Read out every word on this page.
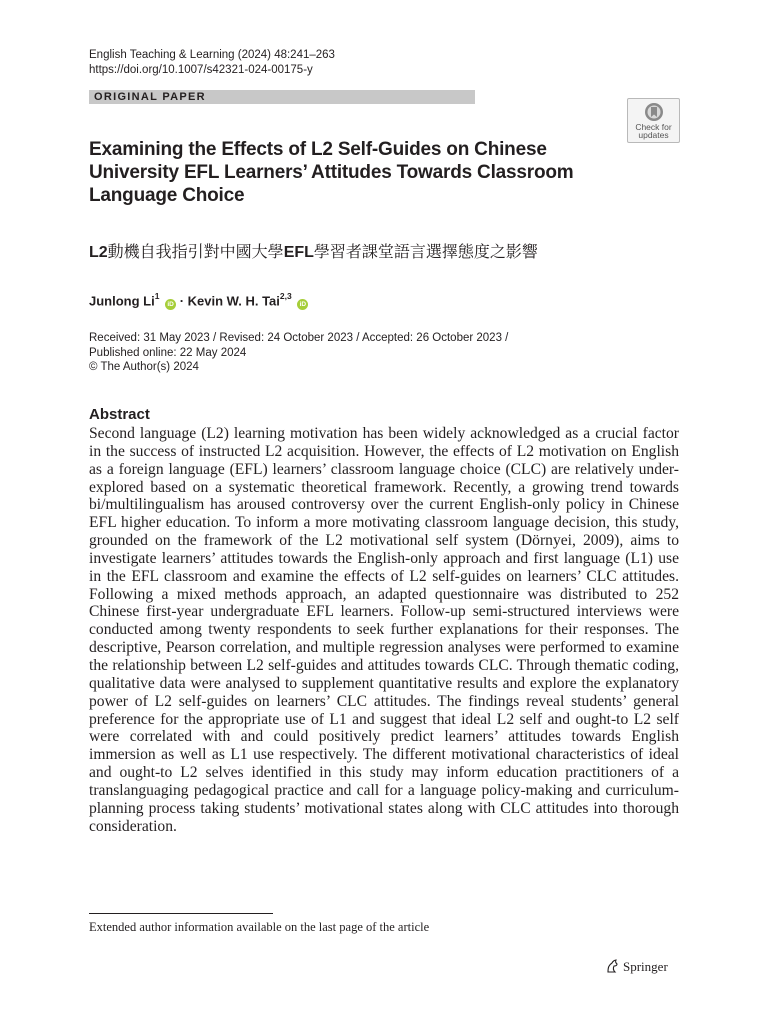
English Teaching & Learning (2024) 48:241–263
https://doi.org/10.1007/s42321-024-00175-y
ORIGINAL PAPER
Check for
updates
Examining the Effects of L2 Self-Guides on Chinese University EFL Learners’ Attitudes Towards Classroom Language Choice
L2動機自我指引對中國大學EFL學習者課堂語言選擇態度之影響
Junlong Li$^1$ iD · Kevin W. H. Tai$^{2,3}$ iD
Received: 31 May 2023 / Revised: 24 October 2023 / Accepted: 26 October 2023 /
Published online: 22 May 2024
© The Author(s) 2024
Abstract

Second language (L2) learning motivation has been widely acknowledged as a crucial factor in the success of instructed L2 acquisition. However, the effects of L2 motivation on English as a foreign language (EFL) learners’ classroom language choice (CLC) are relatively under-explored based on a systematic theoretical framework. Recently, a growing trend towards bi/multilingualism has aroused controversy over the current English-only policy in Chinese EFL higher education. To inform a more motivating classroom language decision, this study, grounded on the framework of the L2 motivational self system (Dörnyei, 2009), aims to investigate learners’ attitudes towards the English-only approach and first language (L1) use in the EFL classroom and examine the effects of L2 self-guides on learners’ CLC attitudes. Following a mixed methods approach, an adapted questionnaire was distributed to 252 Chinese first-year undergraduate EFL learners. Follow-up semi-structured interviews were conducted among twenty respondents to seek further explanations for their responses. The descriptive, Pearson correlation, and multiple regression analyses were performed to examine the relationship between L2 self-guides and attitudes towards CLC. Through thematic coding, qualitative data were analysed to supplement quantitative results and explore the explanatory power of L2 self-guides on learners’ CLC attitudes. The findings reveal students’ general preference for the appropriate use of L1 and suggest that ideal L2 self and ought-to L2 self were correlated with and could positively predict learners’ attitudes towards English immersion as well as L1 use respectively. The different motivational characteristics of ideal and ought-to L2 selves identified in this study may inform education practitioners of a translanguaging pedagogical practice and call for a language policy-making and curriculum-planning process taking students’ motivational states along with CLC attitudes into thorough consideration.

Extended author information available on the last page of the article
Springer
